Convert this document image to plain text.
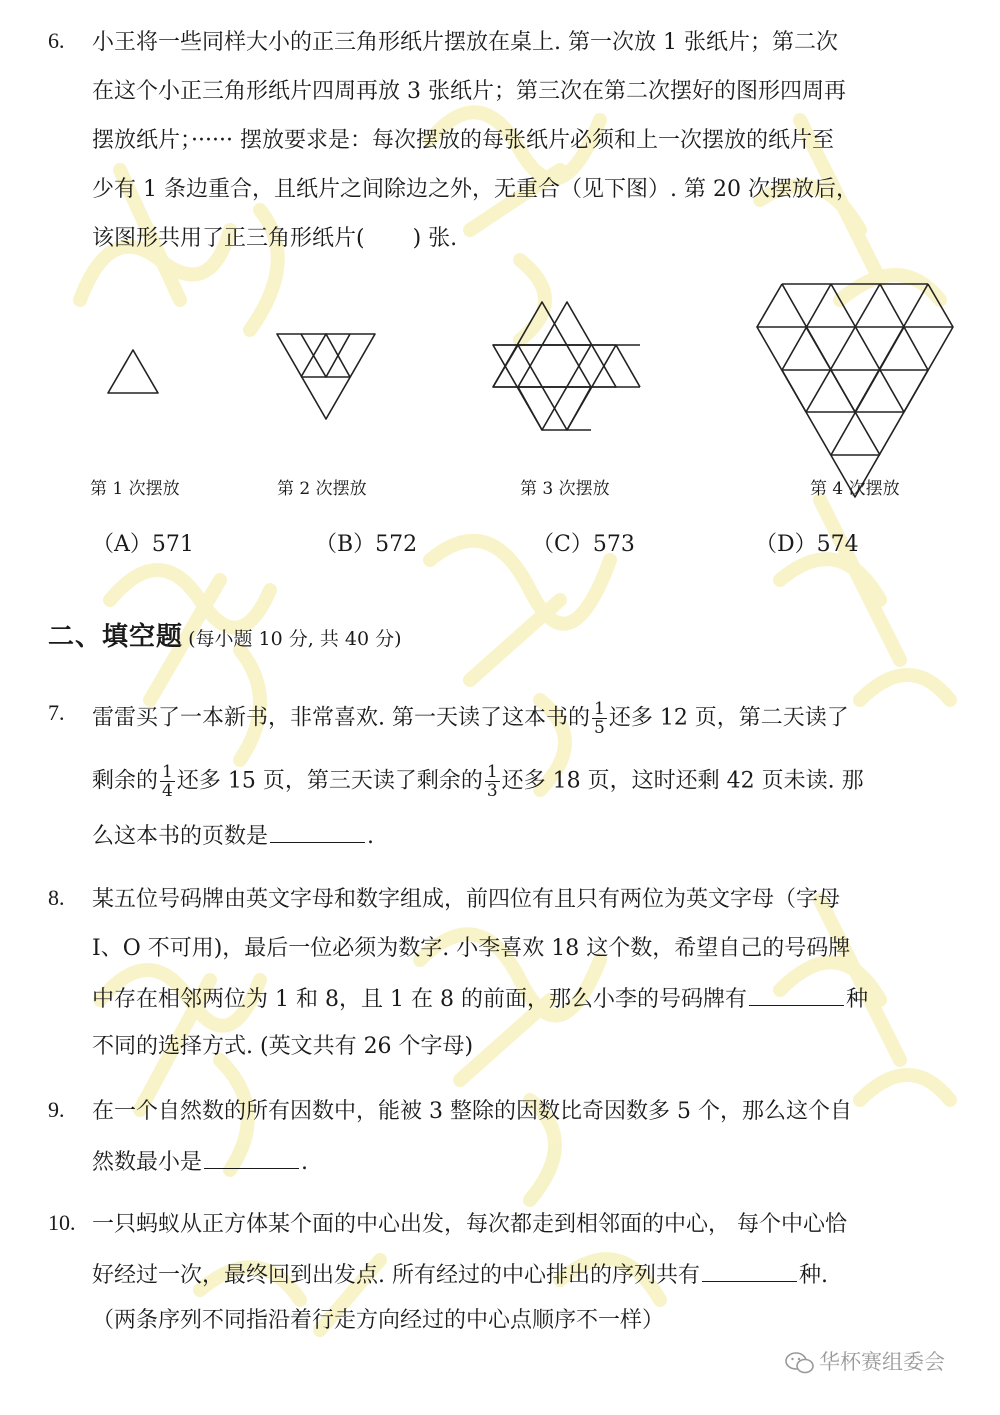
6. 小王将一些同样大小的正三角形纸片摆放在桌上. 第一次放 1 张纸片；第二次
在这个小正三角形纸片四周再放 3 张纸片；第三次在第二次摆好的图形四周再
摆放纸片；······ 摆放要求是：每次摆放的每张纸片必须和上一次摆放的纸片至
少有 1 条边重合，且纸片之间除边之外，无重合（见下图）. 第 20 次摆放后，
该图形共用了正三角形纸片( ) 张.
第 1 次摆放	第 2 次摆放	第 3 次摆放	第 4 次摆放
（A）571	（B）572	（C）573	（D）574
二、填空题 (每小题 10 分, 共 40 分)
7. 雷雷买了一本新书，非常喜欢. 第一天读了这本书的 $\frac{1}{5}$ 还多 12 页，第二天读了
剩余的 $\frac{1}{4}$ 还多 15 页，第三天读了剩余的 $\frac{1}{3}$ 还多 18 页，这时还剩 42 页未读. 那
么这本书的页数是	.
8. 某五位号码牌由英文字母和数字组成，前四位有且只有两位为英文字母（字母
I、O 不可用)，最后一位必须为数字. 小李喜欢 18 这个数，希望自己的号码牌
中存在相邻两位为 1 和 8，且 1 在 8 的前面，那么小李的号码牌有	种
不同的选择方式. (英文共有 26 个字母)
9. 在一个自然数的所有因数中，能被 3 整除的因数比奇因数多 5 个，那么这个自
然数最小是	.
10. 一只蚂蚁从正方体某个面的中心出发，每次都走到相邻面的中心， 每个中心恰
好经过一次，最终回到出发点. 所有经过的中心排出的序列共有	种.
（两条序列不同指沿着行走方向经过的中心点顺序不一样）
华杯赛组委会
